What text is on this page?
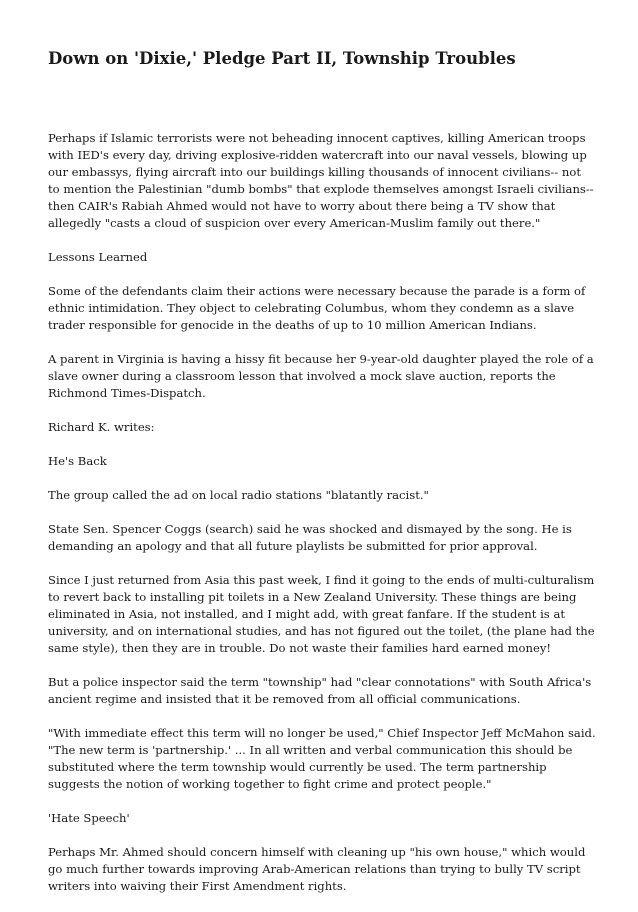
Down on 'Dixie,' Pledge Part II, Township Troubles

Perhaps if Islamic terrorists were not beheading innocent captives, killing American troops with IED's every day, driving explosive-ridden watercraft into our naval vessels, blowing up our embassys, flying aircraft into our buildings killing thousands of innocent civilians-- not to mention the Palestinian "dumb bombs" that explode themselves amongst Israeli civilians-- then CAIR's Rabiah Ahmed would not have to worry about there being a TV show that allegedly "casts a cloud of suspicion over every American-Muslim family out there."

Lessons Learned

Some of the defendants claim their actions were necessary because the parade is a form of ethnic intimidation. They object to celebrating Columbus, whom they condemn as a slave trader responsible for genocide in the deaths of up to 10 million American Indians.

A parent in Virginia is having a hissy fit because her 9-year-old daughter played the role of a slave owner during a classroom lesson that involved a mock slave auction, reports the Richmond Times-Dispatch.

Richard K. writes:

He's Back

The group called the ad on local radio stations "blatantly racist."

State Sen. Spencer Coggs (search) said he was shocked and dismayed by the song. He is demanding an apology and that all future playlists be submitted for prior approval.

Since I just returned from Asia this past week, I find it going to the ends of multi-culturalism to revert back to installing pit toilets in a New Zealand University. These things are being eliminated in Asia, not installed, and I might add, with great fanfare. If the student is at university, and on international studies, and has not figured out the toilet, (the plane had the same style), then they are in trouble. Do not waste their families hard earned money!

But a police inspector said the term "township" had "clear connotations" with South Africa's ancient regime and insisted that it be removed from all official communications.

"With immediate effect this term will no longer be used," Chief Inspector Jeff McMahon said. "The new term is 'partnership.' ... In all written and verbal communication this should be substituted where the term township would currently be used. The term partnership suggests the notion of working together to fight crime and protect people."

'Hate Speech'

Perhaps Mr. Ahmed should concern himself with cleaning up "his own house," which would go much further towards improving Arab-American relations than trying to bully TV script writers into waiving their First Amendment rights.
